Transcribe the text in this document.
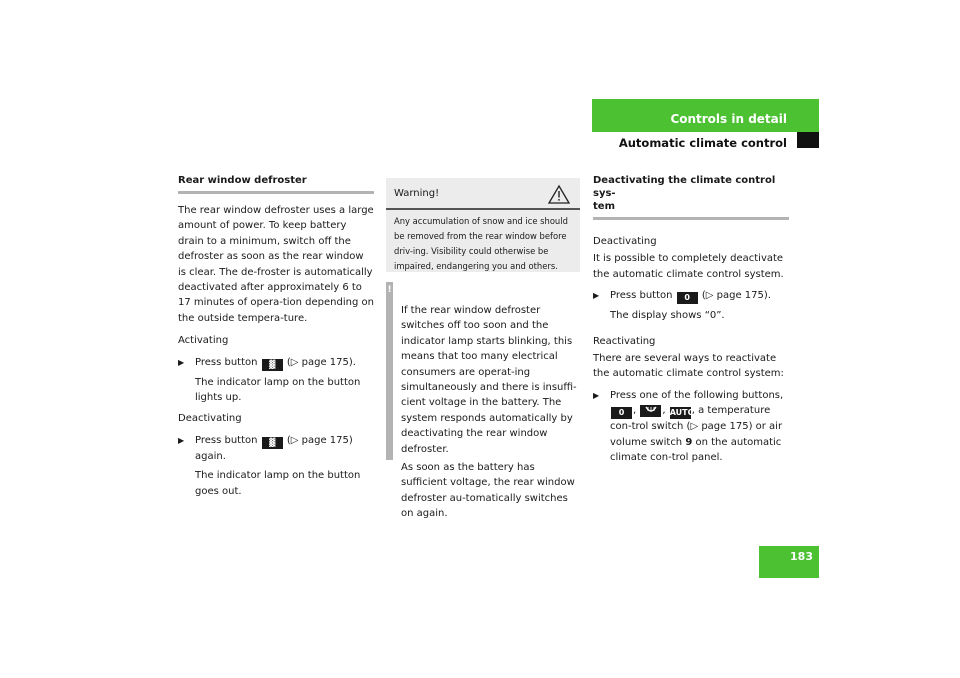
Controls in detail
Automatic climate control

Rear window defroster

The rear window defroster uses a large amount of power. To keep battery drain to a minimum, switch off the defroster as soon as the rear window is clear. The de-froster is automatically deactivated after approximately 6 to 17 minutes of opera-tion depending on the outside tempera-ture.

Activating

▶ Press button ▓ (▷ page 175).

The indicator lamp on the button lights up.

Deactivating

▶ Press button ▓ (▷ page 175) again.

The indicator lamp on the button goes out.

Warning!
Any accumulation of snow and ice should be removed from the rear window before driv-ing. Visibility could otherwise be impaired, endangering you and others.
!

If the rear window defroster switches off too soon and the indicator lamp starts blinking, this means that too many electrical consumers are operat-ing simultaneously and there is insuffi-cient voltage in the battery. The system responds automatically by deactivating the rear window defroster.

As soon as the battery has sufficient voltage, the rear window defroster au-tomatically switches on again.

Deactivating the climate control sys-
tem

Deactivating

It is possible to completely deactivate the automatic climate control system.

▶ Press button 0 (▷ page 175).

The display shows “0”.

Reactivating

There are several ways to reactivate the automatic climate control system:

▶ Press one of the following buttons,
0 , , AUTO, a temperature con-trol switch (▷ page 175) or air volume switch 9 on the automatic climate con-trol panel.
183
